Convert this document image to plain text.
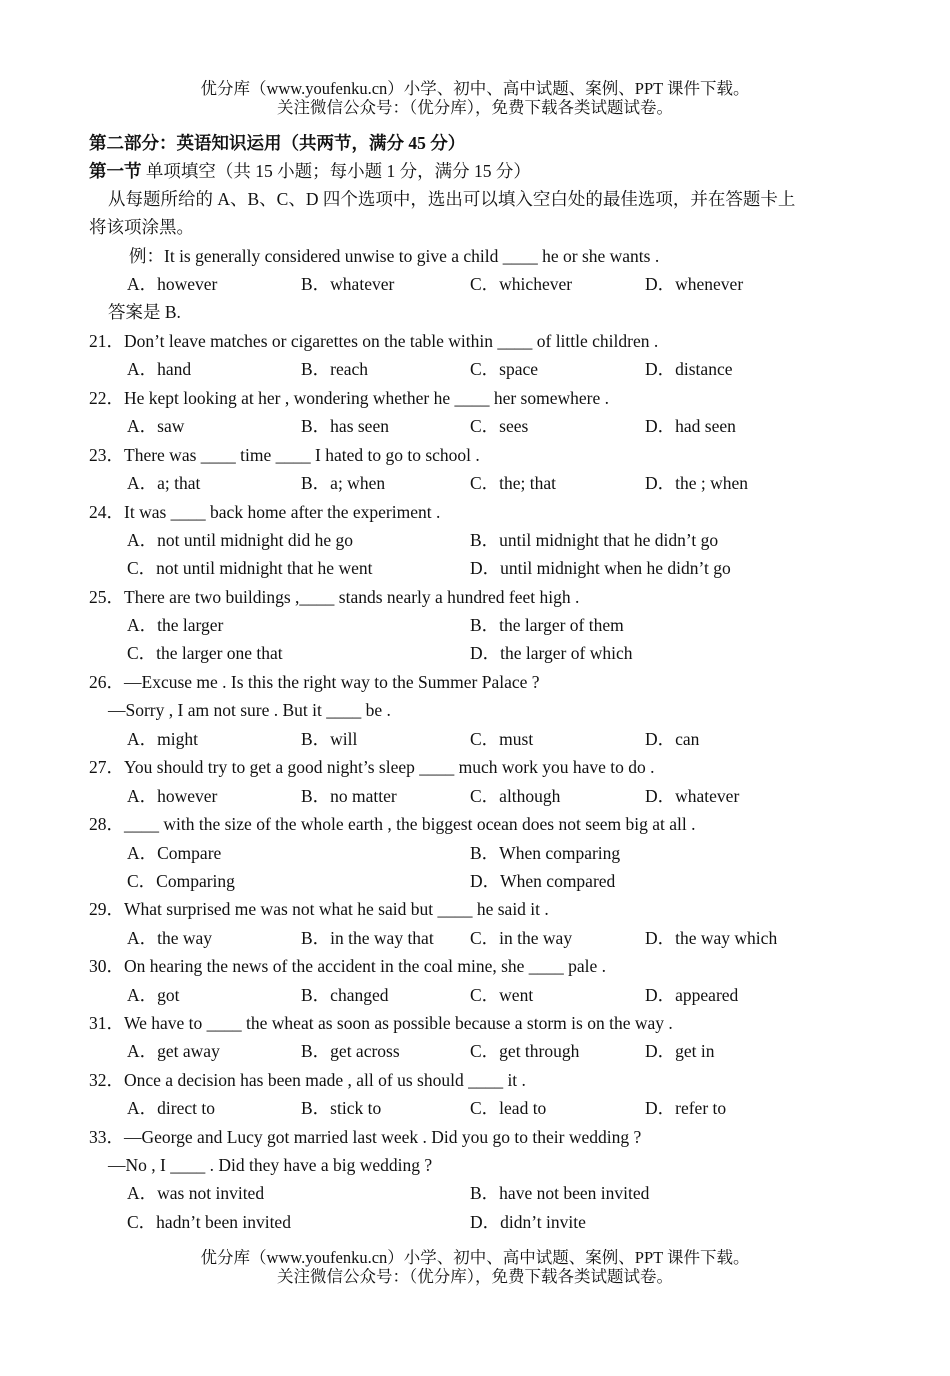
优分库（www.youfenku.cn）小学、初中、高中试题、案例、PPT 课件下载。
关注微信公众号：（优分库），免费下载各类试题试卷。
第二部分：英语知识运用（共两节，满分 45 分）
第一节 单项填空（共 15 小题；每小题 1 分，满分 15 分）
从每题所给的 A、B、C、D 四个选项中，选出可以填入空白处的最佳选项，并在答题卡上
将该项涂黑。
例：It is generally considered unwise to give a child ____ he or she wants .
A．however	B．whatever	C．whichever	D．whenever
答案是 B.
21．Don’t leave matches or cigarettes on the table within ____ of little children .
A．hand	B．reach	C．space	D．distance
22．He kept looking at her , wondering whether he ____ her somewhere .
A．saw	B．has seen	C．sees	D．had seen
23．There was ____ time ____ I hated to go to school .
A．a; that	B．a; when	C．the; that	D．the ; when
24．It was ____ back home after the experiment .
A．not until midnight did he go	B．until midnight that he didn’t go
C．not until midnight that he went	D．until midnight when he didn’t go
25．There are two buildings ,____ stands nearly a hundred feet high .
A．the larger	B．the larger of them
C．the larger one that	D．the larger of which
26．—Excuse me . Is this the right way to the Summer Palace ?
—Sorry , I am not sure . But it ____ be .
A．might	B．will	C．must	D．can
27．You should try to get a good night’s sleep ____ much work you have to do .
A．however	B．no matter	C．although	D．whatever
28．____ with the size of the whole earth , the biggest ocean does not seem big at all .
A．Compare	B．When comparing
C．Comparing	D．When compared
29．What surprised me was not what he said but ____ he said it .
A．the way	B．in the way that C．in the way	D．the way which
30．On hearing the news of the accident in the coal mine, she ____ pale .
A．got	B．changed	C．went	D．appeared
31．We have to ____ the wheat as soon as possible because a storm is on the way .
A．get away	B．get across	C．get through	D．get in
32．Once a decision has been made , all of us should ____ it .
A．direct to	B．stick to	C．lead to	D．refer to
33．—George and Lucy got married last week . Did you go to their wedding ?
—No , I ____ . Did they have a big wedding ?
A．was not invited	B．have not been invited
C．hadn’t been invited	D．didn’t invite
优分库（www.youfenku.cn）小学、初中、高中试题、案例、PPT 课件下载。
关注微信公众号：（优分库），免费下载各类试题试卷。
